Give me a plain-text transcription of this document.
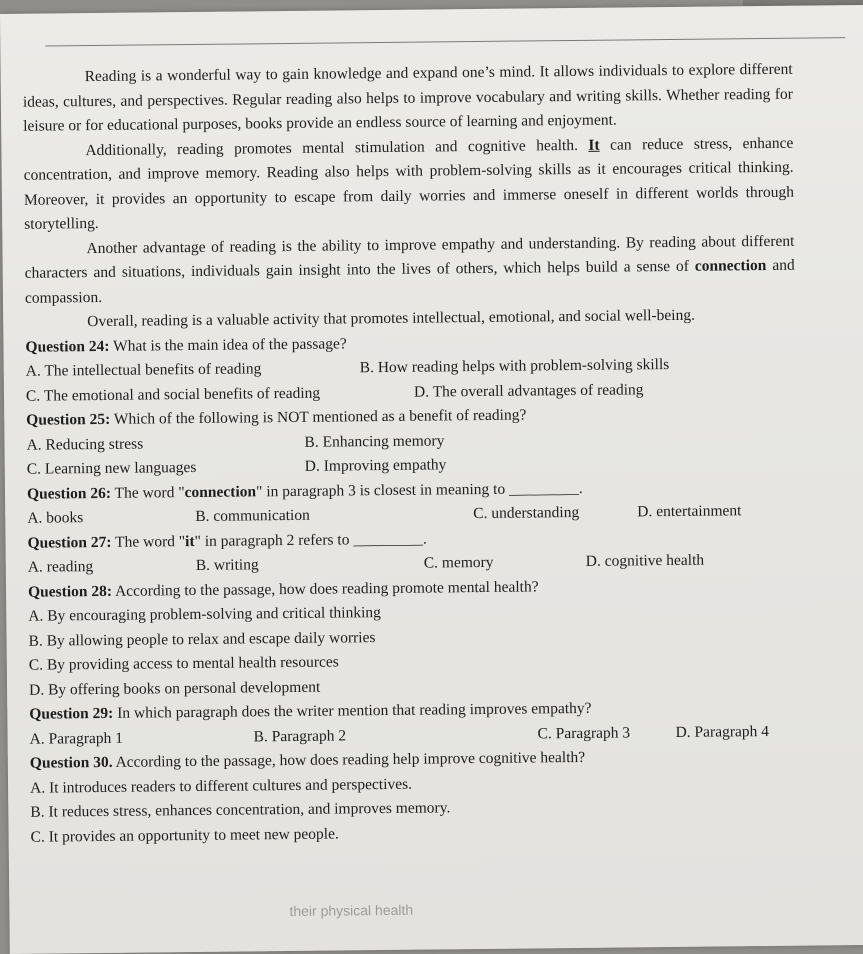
Reading is a wonderful way to gain knowledge and expand one’s mind. It allows individuals to explore different ideas, cultures, and perspectives. Regular reading also helps to improve vocabulary and writing skills. Whether reading for leisure or for educational purposes, books provide an endless source of learning and enjoyment.

Additionally, reading promotes mental stimulation and cognitive health. It can reduce stress, enhance concentration, and improve memory. Reading also helps with problem-solving skills as it encourages critical thinking. Moreover, it provides an opportunity to escape from daily worries and immerse oneself in different worlds through storytelling.

Another advantage of reading is the ability to improve empathy and understanding. By reading about different characters and situations, individuals gain insight into the lives of others, which helps build a sense of connection and compassion.

Overall, reading is a valuable activity that promotes intellectual, emotional, and social well-being.

Question 24: What is the main idea of the passage?

A. The intellectual benefits of reading	B. How reading helps with problem-solving skills
C. The emotional and social benefits of reading	D. The overall advantages of reading

Question 25: Which of the following is NOT mentioned as a benefit of reading?

A. Reducing stress	B. Enhancing memory
C. Learning new languages	D. Improving empathy

Question 26: The word "connection" in paragraph 3 is closest in meaning to _________.

A. books	B. communication	C. understanding	D. entertainment

Question 27: The word "it" in paragraph 2 refers to _________.

A. reading	B. writing	C. memory	D. cognitive health

Question 28: According to the passage, how does reading promote mental health?

A. By encouraging problem-solving and critical thinking
B. By allowing people to relax and escape daily worries
C. By providing access to mental health resources
D. By offering books on personal development

Question 29: In which paragraph does the writer mention that reading improves empathy?

A. Paragraph 1	B. Paragraph 2	C. Paragraph 3	D. Paragraph 4

Question 30. According to the passage, how does reading help improve cognitive health?

A. It introduces readers to different cultures and perspectives.
B. It reduces stress, enhances concentration, and improves memory.
C. It provides an opportunity to meet new people.
their physical health
